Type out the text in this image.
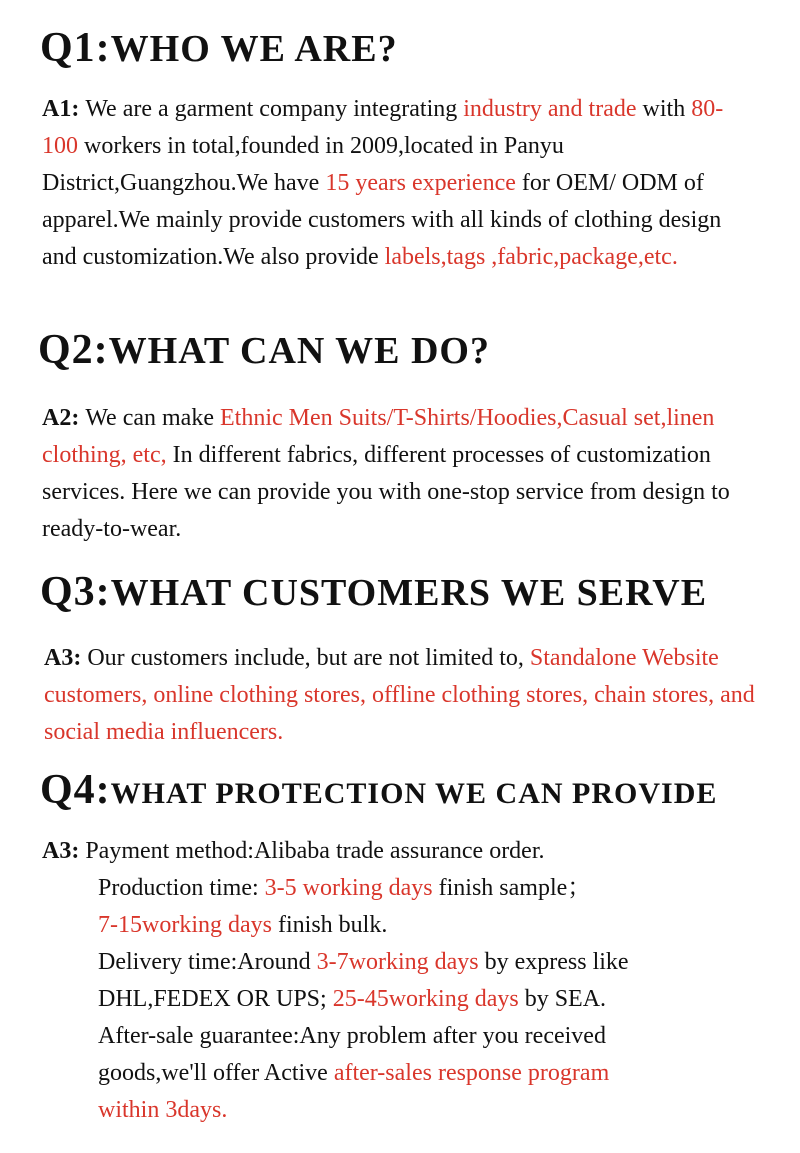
Q1:WHO WE ARE?

A1: We are a garment company integrating industry and trade with 80-100 workers in total,founded in 2009,located in Panyu District,Guangzhou.We have 15 years experience for OEM/ ODM of apparel.We mainly provide customers with all kinds of clothing design and customization.We also provide labels,tags ,fabric,package,etc.

Q2:WHAT CAN WE DO?

A2: We can make Ethnic Men Suits/T-Shirts/Hoodies,Casual set,linen clothing, etc, In different fabrics, different processes of customization services. Here we can provide you with one-stop service from design to ready-to-wear.

Q3:WHAT CUSTOMERS WE SERVE

A3: Our customers include, but are not limited to, Standalone Website customers, online clothing stores, offline clothing stores, chain stores, and social media influencers.

Q4:WHAT PROTECTION WE CAN PROVIDE
A3: Payment method:Alibaba trade assurance order.
Production time: 3-5 working days finish sample；
7-15working days finish bulk.
Delivery time:Around 3-7working days by express like
DHL,FEDEX OR UPS; 25-45working days by SEA.
After-sale guarantee:Any problem after you received
goods,we'll offer Active after-sales response program
within 3days.
